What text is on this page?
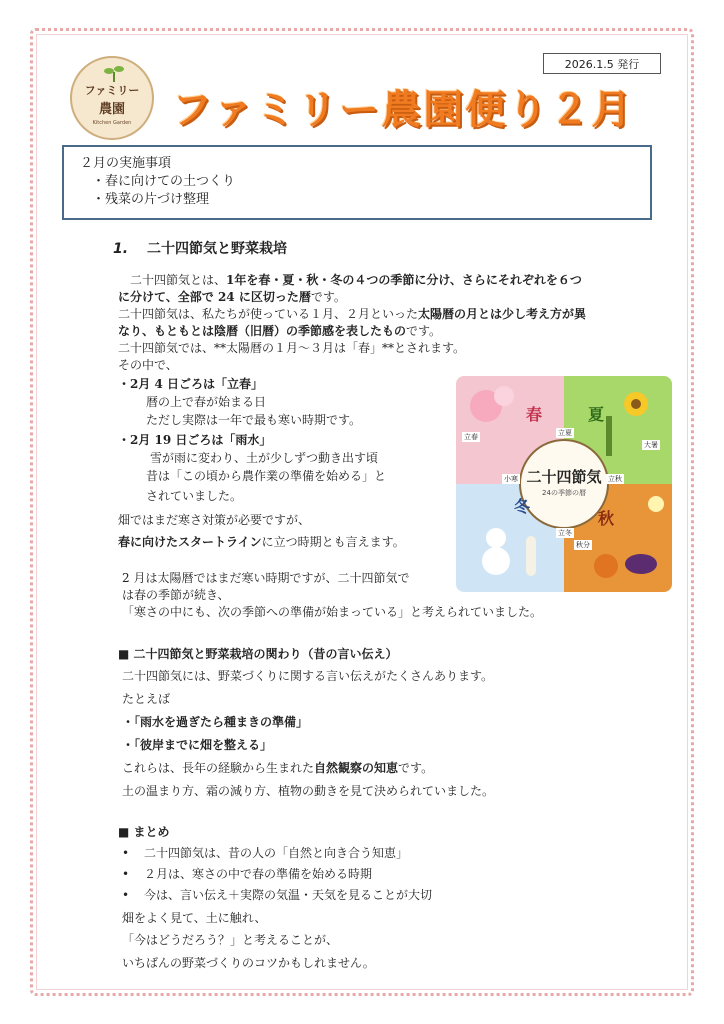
2026.1.5 発行
ファミリー
農園
Kitchen Garden	ファミリー農園便り２月
２月の実施事項
・春に向けての土つくり
・残菜の片づけ整理
1. 二十四節気と野菜栽培
　二十四節気とは、1年を春・夏・秋・冬の４つの季節に分け、さらにそれぞれを６つ
に分けて、全部で 24 に区切った暦です。
二十四節気は、私たちが使っている１月、２月といった太陽暦の月とは少し考え方が異
なり、もともとは陰暦（旧暦）の季節感を表したものです。
二十四節気では、**太陽暦の１月～３月は「春」**とされます。
その中で、
・2月 4 日ごろは「立春」
暦の上で春が始まる日
ただし実際は一年で最も寒い時期です。
・2月 19 日ごろは「雨水」
雪が雨に変わり、土が少しずつ動き出す頃
昔は「この頃から農作業の準備を始める」と
されていました。
畑ではまだ寒さ対策が必要ですが、
春に向けたスタートラインに立つ時期とも言えます。
2 月は太陽暦ではまだ寒い時期ですが、二十四節気で
は春の季節が続き、
「寒さの中にも、次の季節への準備が始まっている」と考えられていました。
二十四節気
24の季節の暦
春	夏
冬
秋
立春	立夏
大暑
小寒	立秋
立冬
秋分
■ 二十四節気と野菜栽培の関わり（昔の言い伝え）
二十四節気には、野菜づくりに関する言い伝えがたくさんあります。
たとえば
・「雨水を過ぎたら種まきの準備」
・「彼岸までに畑を整える」
これらは、長年の経験から生まれた自然観察の知恵です。
土の温まり方、霜の減り方、植物の動きを見て決められていました。
■ まとめ
• 二十四節気は、昔の人の「自然と向き合う知恵」
• ２月は、寒さの中で春の準備を始める時期
• 今は、言い伝え＋実際の気温・天気を見ることが大切
畑をよく見て、土に触れ、
「今はどうだろう？」と考えることが、
いちばんの野菜づくりのコツかもしれません。
